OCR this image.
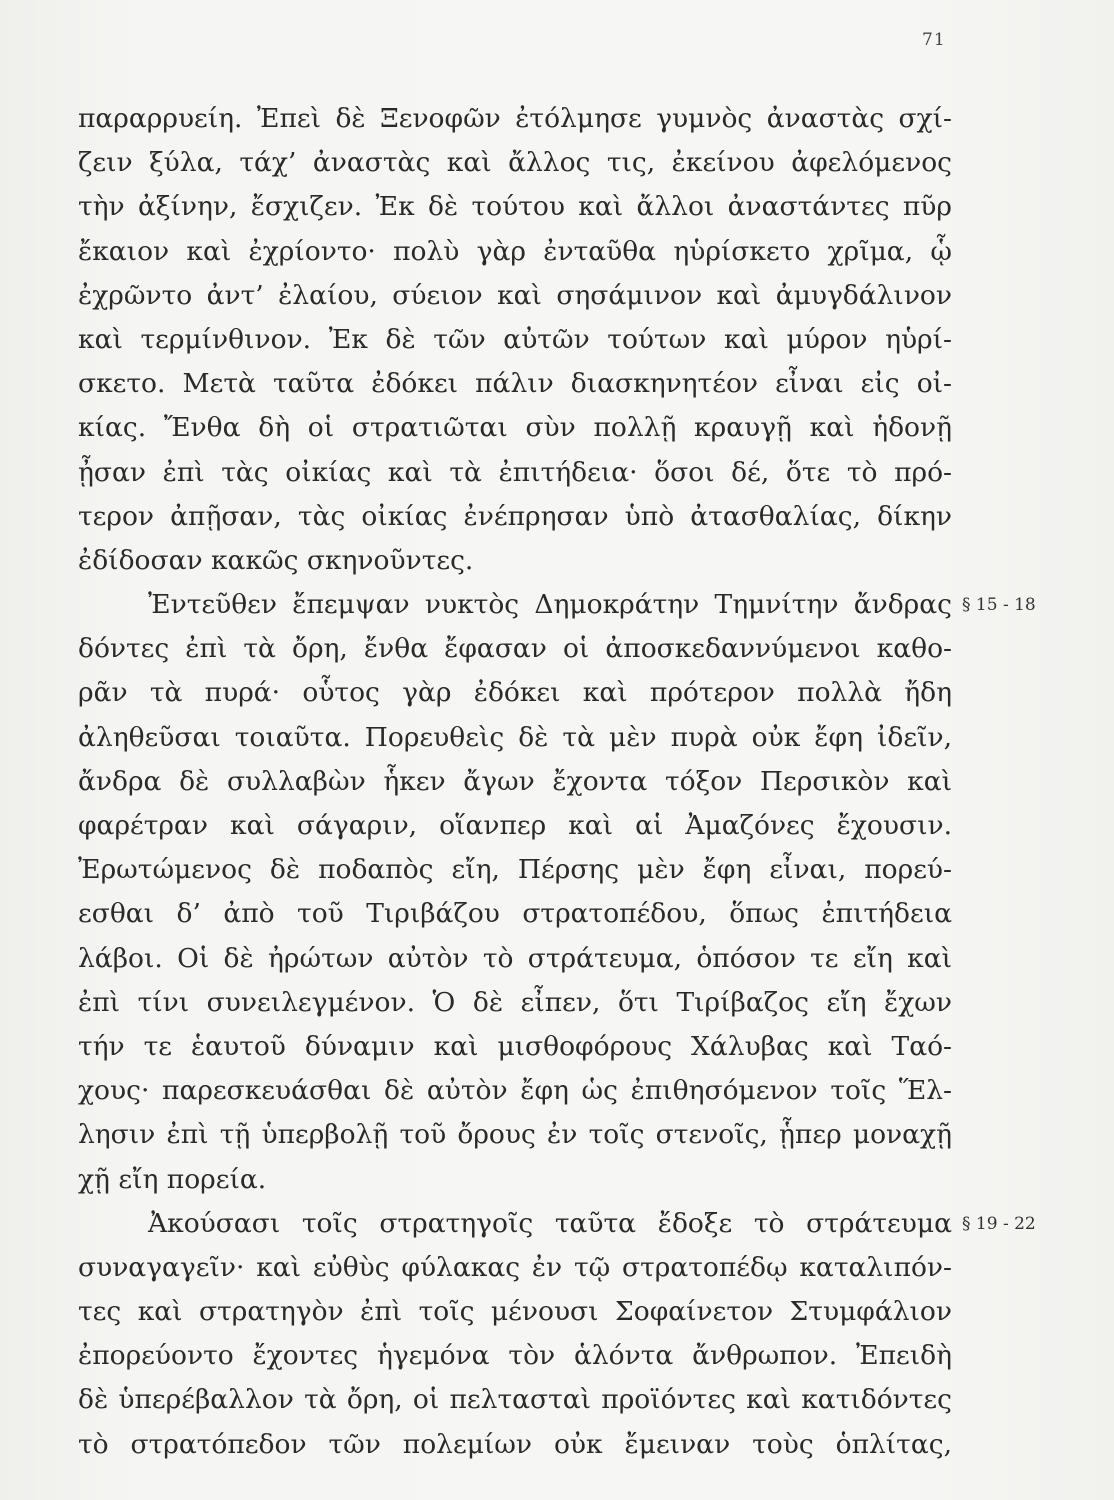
71
παραρρυείη. Ἐπεὶ δὲ Ξενοφῶν ἐτόλμησε γυμνὸς ἀναστὰς σχί-
ζειν ξύλα, τάχ’ ἀναστὰς καὶ ἄλλος τις, ἐκείνου ἀφελόμενος
τὴν ἀξίνην, ἔσχιζεν. Ἐκ δὲ τούτου καὶ ἄλλοι ἀναστάντες πῦρ
ἔκαιον καὶ ἐχρίοντο· πολὺ γὰρ ἐνταῦθα ηὑρίσκετο χρῖμα, ᾧ
ἐχρῶντο ἀντ’ ἐλαίου, σύειον καὶ σησάμινον καὶ ἀμυγδάλινον
καὶ τερμίνθινον. Ἐκ δὲ τῶν αὐτῶν τούτων καὶ μύρον ηὑρί-
σκετο. Μετὰ ταῦτα ἐδόκει πάλιν διασκηνητέον εἶναι εἰς οἰ-
κίας. Ἔνθα δὴ οἱ στρατιῶται σὺν πολλῇ κραυγῇ καὶ ἡδονῇ
ᾖσαν ἐπὶ τὰς οἰκίας καὶ τὰ ἐπιτήδεια· ὅσοι δέ, ὅτε τὸ πρό-
τερον ἀπῇσαν, τὰς οἰκίας ἐνέπρησαν ὑπὸ ἀτασθαλίας, δίκην
ἐδίδοσαν κακῶς σκηνοῦντες.
Ἐντεῦθεν ἔπεμψαν νυκτὸς Δημοκράτην Τημνίτην ἄνδρας
δόντες ἐπὶ τὰ ὄρη, ἔνθα ἔφασαν οἱ ἀποσκεδαννύμενοι καθο-
ρᾶν τὰ πυρά· οὗτος γὰρ ἐδόκει καὶ πρότερον πολλὰ ἤδη
ἀληθεῦσαι τοιαῦτα. Πορευθεὶς δὲ τὰ μὲν πυρὰ οὐκ ἔφη ἰδεῖν,
ἄνδρα δὲ συλλαβὼν ἧκεν ἄγων ἔχοντα τόξον Περσικὸν καὶ
φαρέτραν καὶ σάγαριν, οἵανπερ καὶ αἱ Ἀμαζόνες ἔχουσιν.
Ἐρωτώμενος δὲ ποδαπὸς εἴη, Πέρσης μὲν ἔφη εἶναι, πορεύ-
εσθαι δ’ ἀπὸ τοῦ Τιριβάζου στρατοπέδου, ὅπως ἐπιτήδεια
λάβοι. Οἱ δὲ ἠρώτων αὐτὸν τὸ στράτευμα, ὁπόσον τε εἴη καὶ
ἐπὶ τίνι συνειλεγμένον. Ὁ δὲ εἶπεν, ὅτι Τιρίβαζος εἴη ἔχων
τήν τε ἑαυτοῦ δύναμιν καὶ μισθοφόρους Χάλυβας καὶ Ταό-
χους· παρεσκευάσθαι δὲ αὐτὸν ἔφη ὡς ἐπιθησόμενον τοῖς Ἕλ-
λησιν ἐπὶ τῇ ὑπερβολῇ τοῦ ὄρους ἐν τοῖς στενοῖς, ᾗπερ μοναχῇ
χῇ εἴη πορεία.
Ἀκούσασι τοῖς στρατηγοῖς ταῦτα ἔδοξε τὸ στράτευμα
συναγαγεῖν· καὶ εὐθὺς φύλακας ἐν τῷ στρατοπέδῳ καταλιπόν-
τες καὶ στρατηγὸν ἐπὶ τοῖς μένουσι Σοφαίνετον Στυμφάλιον
ἐπορεύοντο ἔχοντες ἡγεμόνα τὸν ἁλόντα ἄνθρωπον. Ἐπειδὴ
δὲ ὑπερέβαλλον τὰ ὄρη, οἱ πελτασταὶ προϊόντες καὶ κατιδόντες
τὸ στρατόπεδον τῶν πολεμίων οὐκ ἔμειναν τοὺς ὁπλίτας,
§ 15 - 18
§ 19 - 22
